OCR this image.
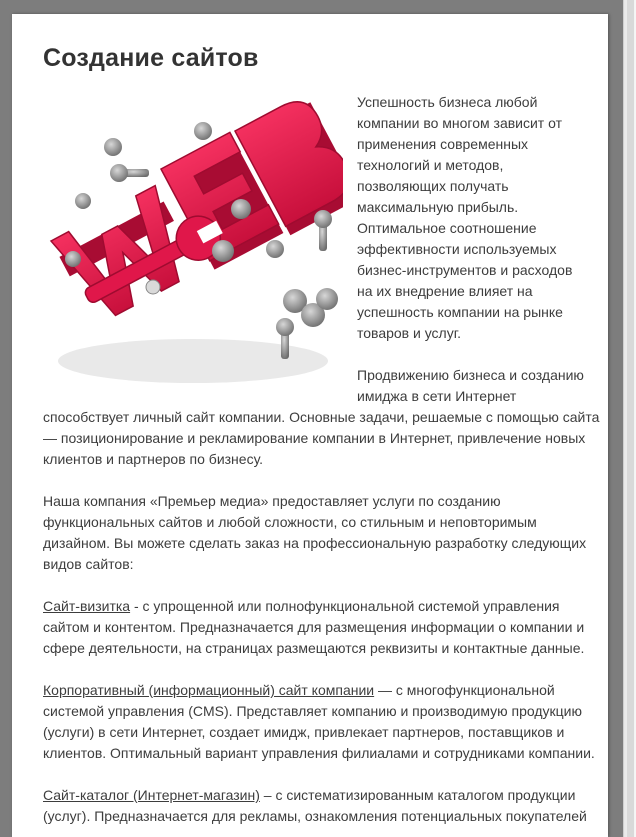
Создание сайтов

Успешность бизнеса любой компании во многом зависит от применения современных технологий и методов, позволяющих получать максимальную прибыль. Оптимальное соотношение эффективности используемых бизнес-инструментов и расходов на их внедрение влияет на успешность компании на рынке товаров и услуг.

Продвижению бизнеса и созданию имиджа в сети Интернет способствует личный сайт компании. Основные задачи, решаемые с помощью сайта — позиционирование и рекламирование компании в Интернет, привлечение новых клиентов и партнеров по бизнесу.

Наша компания «Премьер медиа» предоставляет услуги по созданию функциональных сайтов и любой сложности, со стильным и неповторимым дизайном. Вы можете сделать заказ на профессиональную разработку следующих видов сайтов:

Сайт-визитка - с упрощенной или полнофункциональной системой управления сайтом и контентом. Предназначается для размещения информации о компании и сфере деятельности, на страницах размещаются реквизиты и контактные данные.

Корпоративный (информационный) сайт компании — с многофункциональной системой управления (CMS). Представляет компанию и производимую продукцию (услуги) в сети Интернет, создает имидж, привлекает партнеров, поставщиков и клиентов. Оптимальный вариант управления филиалами и сотрудниками компании.

Сайт-каталог (Интернет-магазин) – с систематизированным каталогом продукции (услуг). Предназначается для рекламы, ознакомления потенциальных покупателей
